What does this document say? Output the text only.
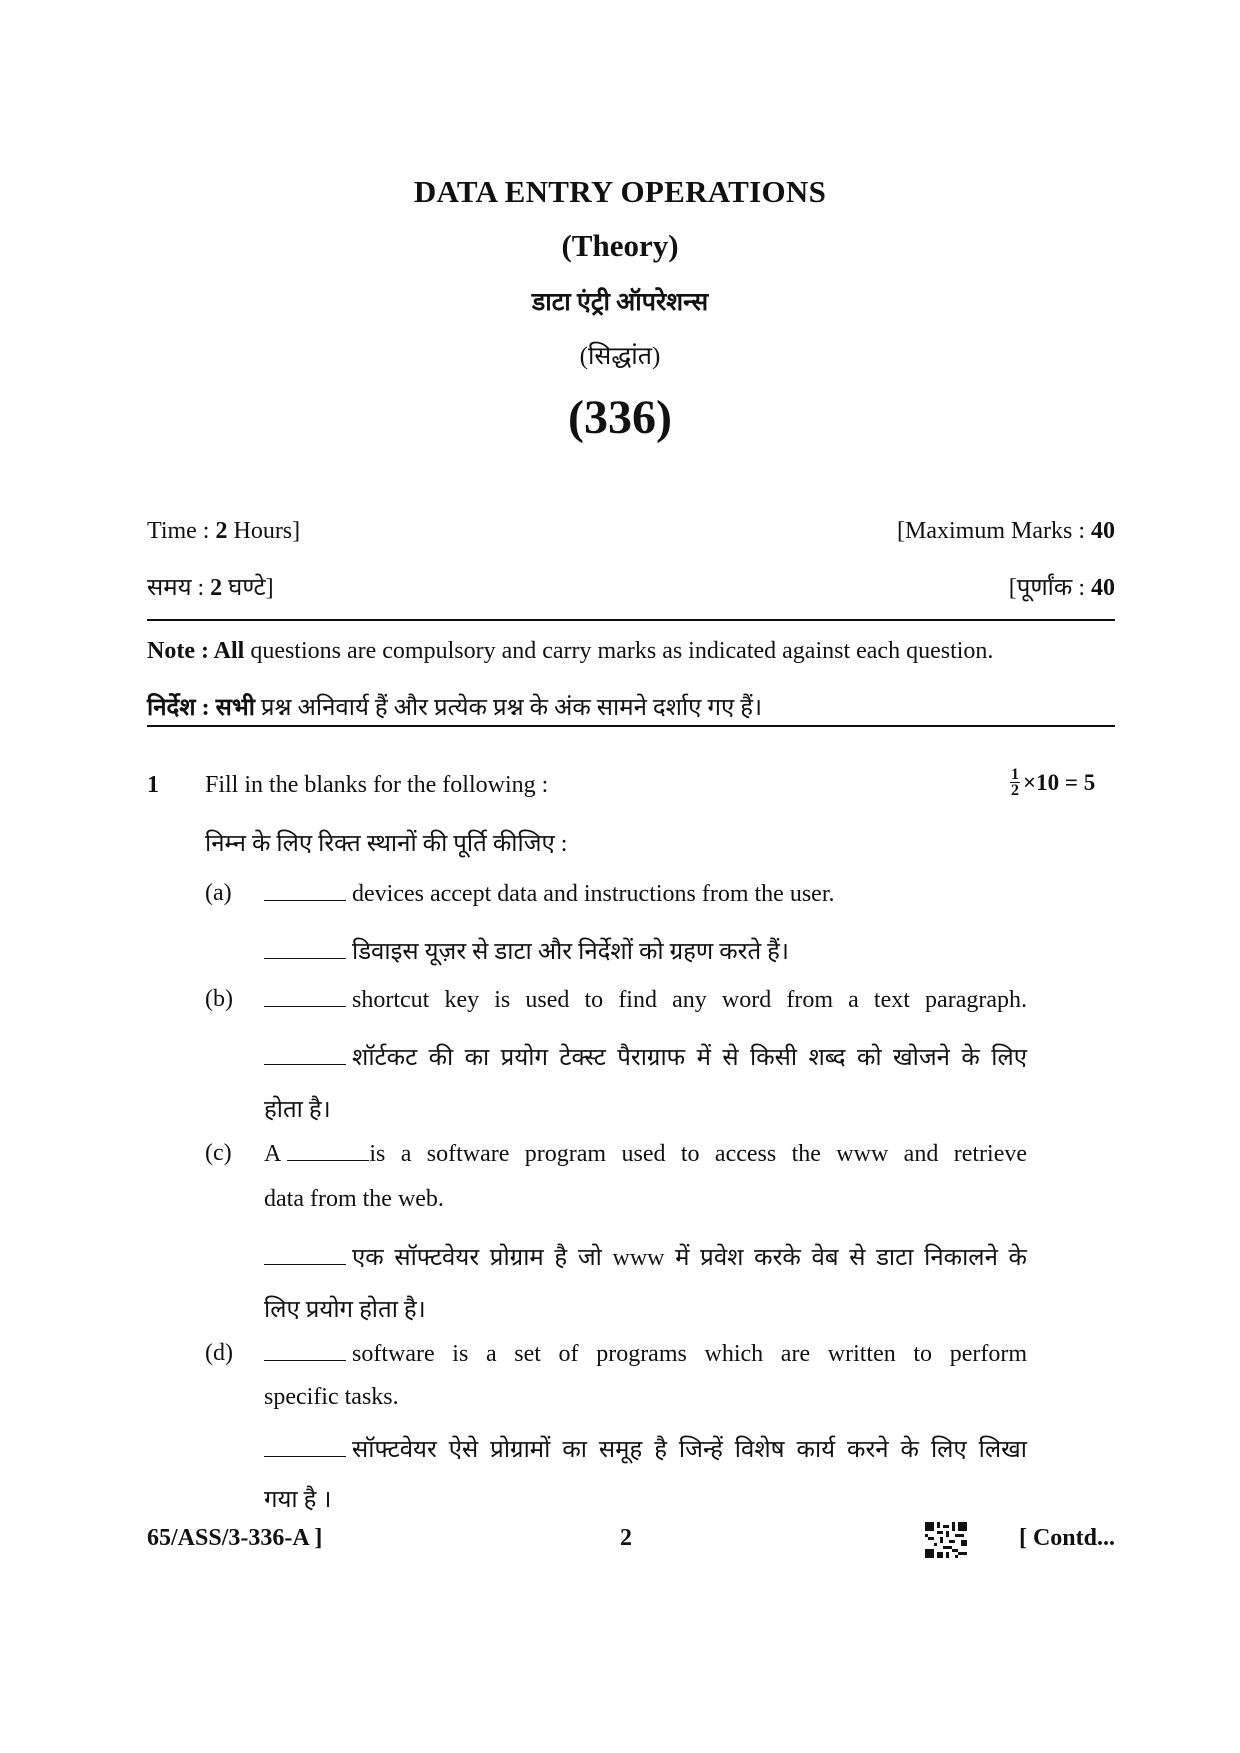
DATA ENTRY OPERATIONS
(Theory)
डाटा एंट्री ऑपरेशन्स
(सिद्धांत)
(336)
Time : 2 Hours]	[Maximum Marks : 40
समय : 2 घण्टे]	[पूर्णांक : 40
Note : All questions are compulsory and carry marks as indicated against each question.
निर्देश : सभी प्रश्न अनिवार्य हैं और प्रत्येक प्रश्न के अंक सामने दर्शाए गए हैं।
1 Fill in the blanks for the following :	$\frac{1}{2} \times 10 = 5$
निम्न के लिए रिक्त स्थानों की पूर्ति कीजिए :
(a)	devices accept data and instructions from the user.
डिवाइस यूज़र से डाटा और निर्देशों को ग्रहण करते हैं।
(b)	shortcut key is used to find any word from a text paragraph.
शॉर्टकट की का प्रयोग टेक्स्ट पैराग्राफ में से किसी शब्द को खोजने के लिए
होता है।
(c) A	is a software program used to access the www and retrieve
data from the web.
एक सॉफ्टवेयर प्रोग्राम है जो www में प्रवेश करके वेब से डाटा निकालने के
लिए प्रयोग होता है।
(d)	software is a set of programs which are written to perform
specific tasks.
सॉफ्टवेयर ऐसे प्रोग्रामों का समूह है जिन्हें विशेष कार्य करने के लिए लिखा
गया है ।
65/ASS/3-336-A ]	2	[ Contd...
